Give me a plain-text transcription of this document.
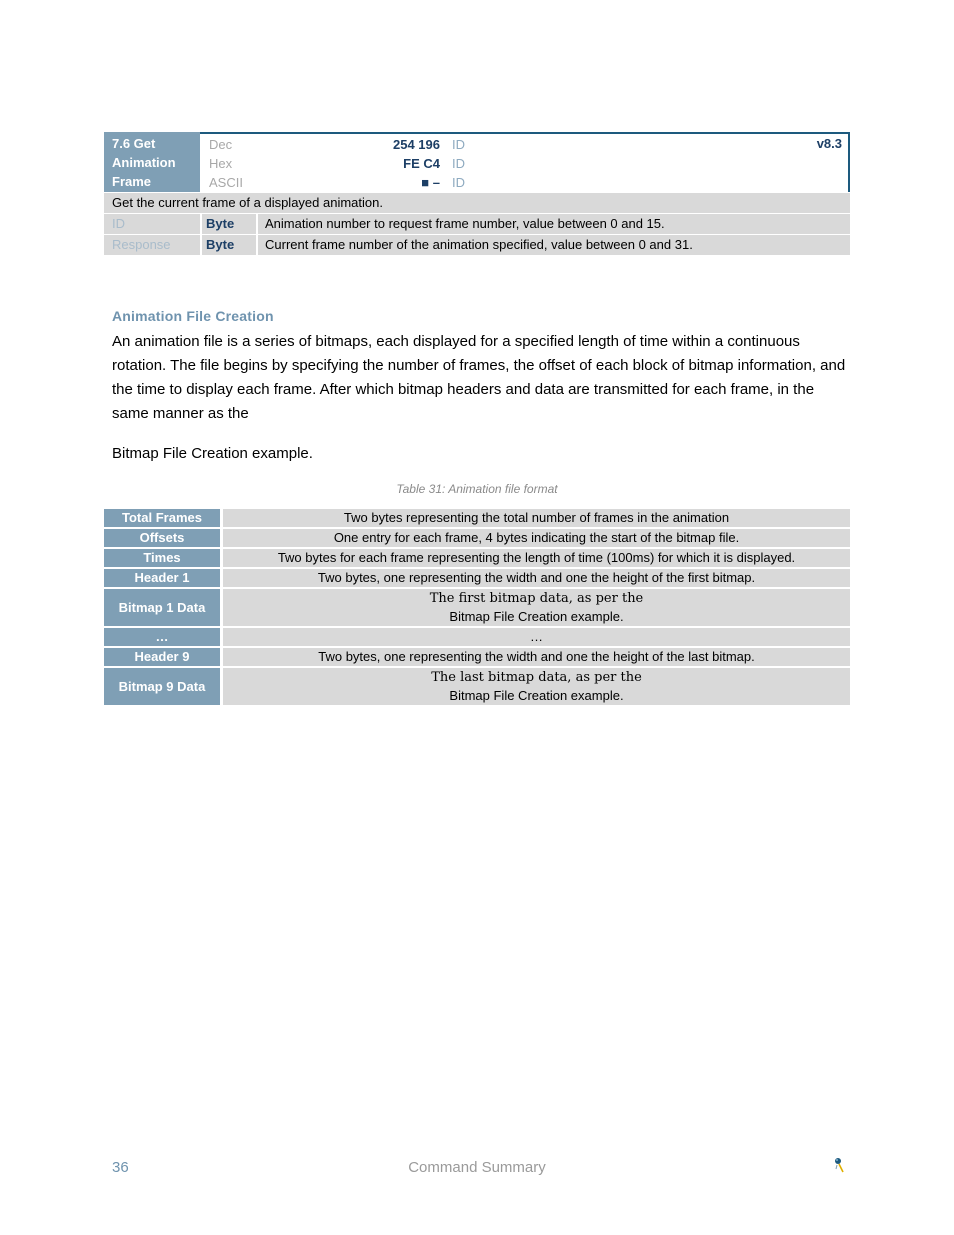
7.6 Get
Animation
Frame
Dec	254 196 ID
Hex	FE C4 ID
ASCII	■ – ID
v8.3
Get the current frame of a displayed animation.
ID	Byte	Animation number to request frame number, value between 0 and 15.
Response	Byte	Current frame number of the animation specified, value between 0 and 31.
Animation File Creation
An animation file is a series of bitmaps, each displayed for a specified length of time within a continuous rotation. The file begins by specifying the number of frames, the offset of each block of bitmap information, and the time to display each frame. After which bitmap headers and data are transmitted for each frame, in the same manner as the
Bitmap File Creation example.
Table 31: Animation file format
Total Frames	Two bytes representing the total number of frames in the animation
Offsets	One entry for each frame, 4 bytes indicating the start of the bitmap file.
Times	Two bytes for each frame representing the length of time (100ms) for which it is displayed.
Header 1	Two bytes, one representing the width and one the height of the first bitmap.
Bitmap 1 Data	The first bitmap data, as per the
Bitmap File Creation example.

…	…
Header 9	Two bytes, one representing the width and one the height of the last bitmap.
Bitmap 9 Data	The last bitmap data, as per the
Bitmap File Creation example.
36	Command Summary
